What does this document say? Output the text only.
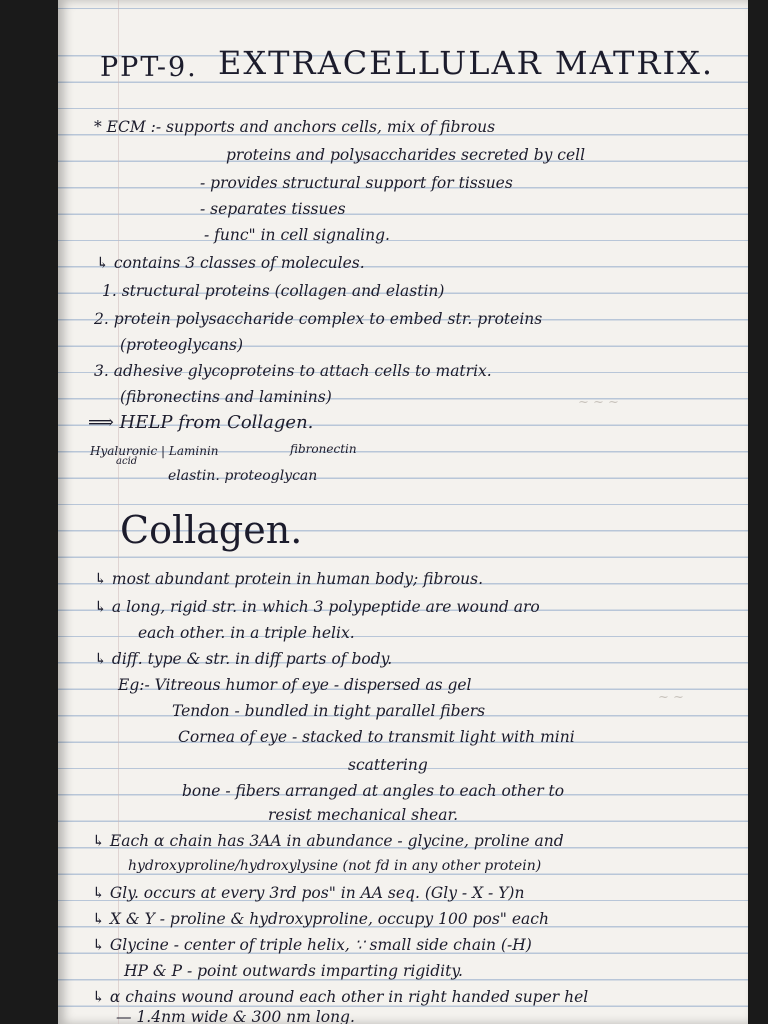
~ ~ ~
~ ~
PPT-9. EXTRACELLULAR MATRIX.
* ECM :- supports and anchors cells, mix of fibrous
proteins and polysaccharides secreted by cell
- provides structural support for tissues
- separates tissues
- func" in cell signaling.
↳ contains 3 classes of molecules.
1. structural proteins (collagen and elastin)
2. protein polysaccharide complex to embed str. proteins
(proteoglycans)
3. adhesive glycoproteins to attach cells to matrix.
(fibronectins and laminins)
⟹ HELP from Collagen.
Hyaluronic | Laminin	fibronectin
acid
elastin. proteoglycan
Collagen.
↳ most abundant protein in human body; fibrous.
↳ a long, rigid str. in which 3 polypeptide are wound aro
each other. in a triple helix.
↳ diff. type & str. in diff parts of body.
Eg:- Vitreous humor of eye - dispersed as gel
Tendon - bundled in tight parallel fibers
Cornea of eye - stacked to transmit light with mini
scattering
bone - fibers arranged at angles to each other to
resist mechanical shear.
↳ Each α chain has 3AA in abundance - glycine, proline and
hydroxyproline/hydroxylysine (not fd in any other protein)
↳ Gly. occurs at every 3rd pos" in AA seq. (Gly - X - Y)n
↳ X & Y - proline & hydroxyproline, occupy 100 pos" each
↳ Glycine - center of triple helix, ∵ small side chain (-H)
HP & P - point outwards imparting rigidity.
↳ α chains wound around each other in right handed super hel
— 1.4nm wide & 300 nm long.
